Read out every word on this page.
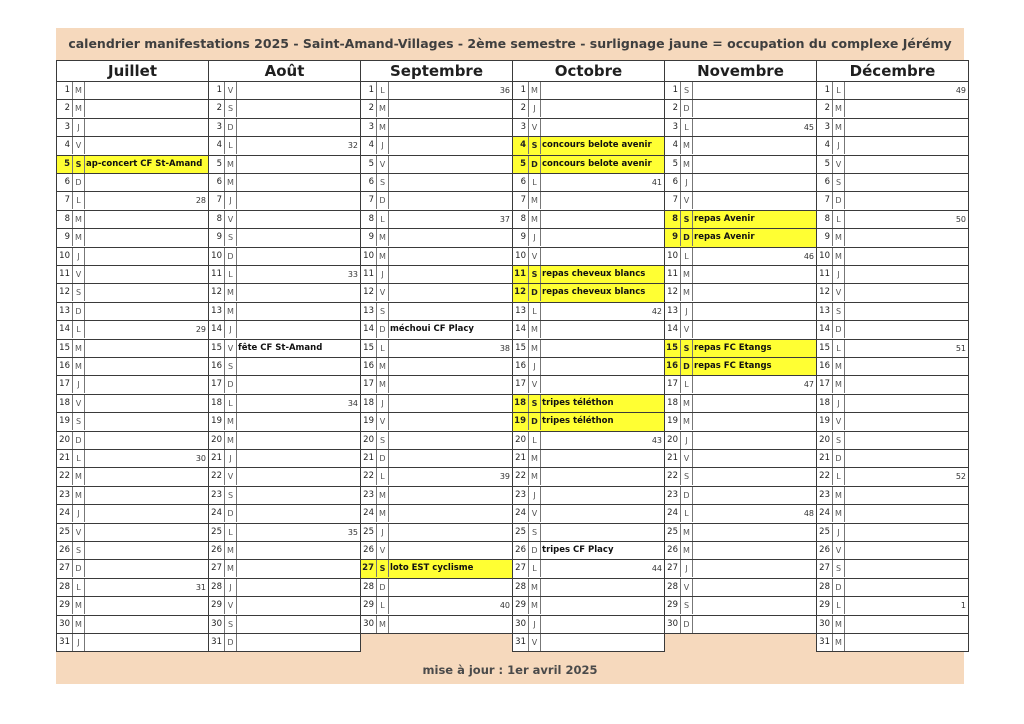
calendrier manifestations 2025 - Saint-Amand-Villages - 2ème semestre - surlignage jaune = occupation du complexe Jérémy
Juillet
1 M
2 M
3 J
4 V
5 S ap-concert CF St-Amand
6 D
7 L	28
8 M
9 M
10 J
11 V
12 S
13 D
14 L	29
15 M
16 M
17 J
18 V
19 S
20 D
21 L	30
22 M
23 M
24 J
25 V
26 S
27 D
28 L	31
29 M
30 M
31 J
Août
1 V
2 S
3 D
4 L	32
5 M
6 M
7 J
8 V
9 S
10 D
11 L	33
12 M
13 M
14 J
15 V fête CF St-Amand
16 S
17 D
18 L	34
19 M
20 M
21 J
22 V
23 S
24 D
25 L	35
26 M
27 M
28 J
29 V
30 S
31 D
Septembre
1 L	36
2 M
3 M
4 J
5 V
6 S
7 D
8 L	37
9 M
10 M
11 J
12 V
13 S
14 D méchoui CF Placy
15 L	38
16 M
17 M
18 J
19 V
20 S
21 D
22 L	39
23 M
24 M
25 J
26 V
27 S loto EST cyclisme
28 D
29 L	40
30 M
Octobre
1 M
2 J
3 V
4 S concours belote avenir
5 D concours belote avenir
6 L	41
7 M
8 M
9 J
10 V
11 S repas cheveux blancs
12 D repas cheveux blancs
13 L	42
14 M
15 M
16 J
17 V
18 S tripes téléthon
19 D tripes téléthon
20 L	43
21 M
22 M
23 J
24 V
25 S
26 D tripes CF Placy
27 L	44
28 M
29 M
30 J
31 V
Novembre
1 S
2 D
3 L	45
4 M
5 M
6 J
7 V
8 S repas Avenir
9 D repas Avenir
10 L	46
11 M
12 M
13 J
14 V
15 S repas FC Etangs
16 D repas FC Etangs
17 L	47
18 M
19 M
20 J
21 V
22 S
23 D
24 L	48
25 M
26 M
27 J
28 V
29 S
30 D
Décembre
1 L	49
2 M
3 M
4 J
5 V
6 S
7 D
8 L	50
9 M
10 M
11 J
12 V
13 S
14 D
15 L	51
16 M
17 M
18 J
19 V
20 S
21 D
22 L	52
23 M
24 M
25 J
26 V
27 S
28 D
29 L	1
30 M
31 M
mise à jour : 1er avril 2025
